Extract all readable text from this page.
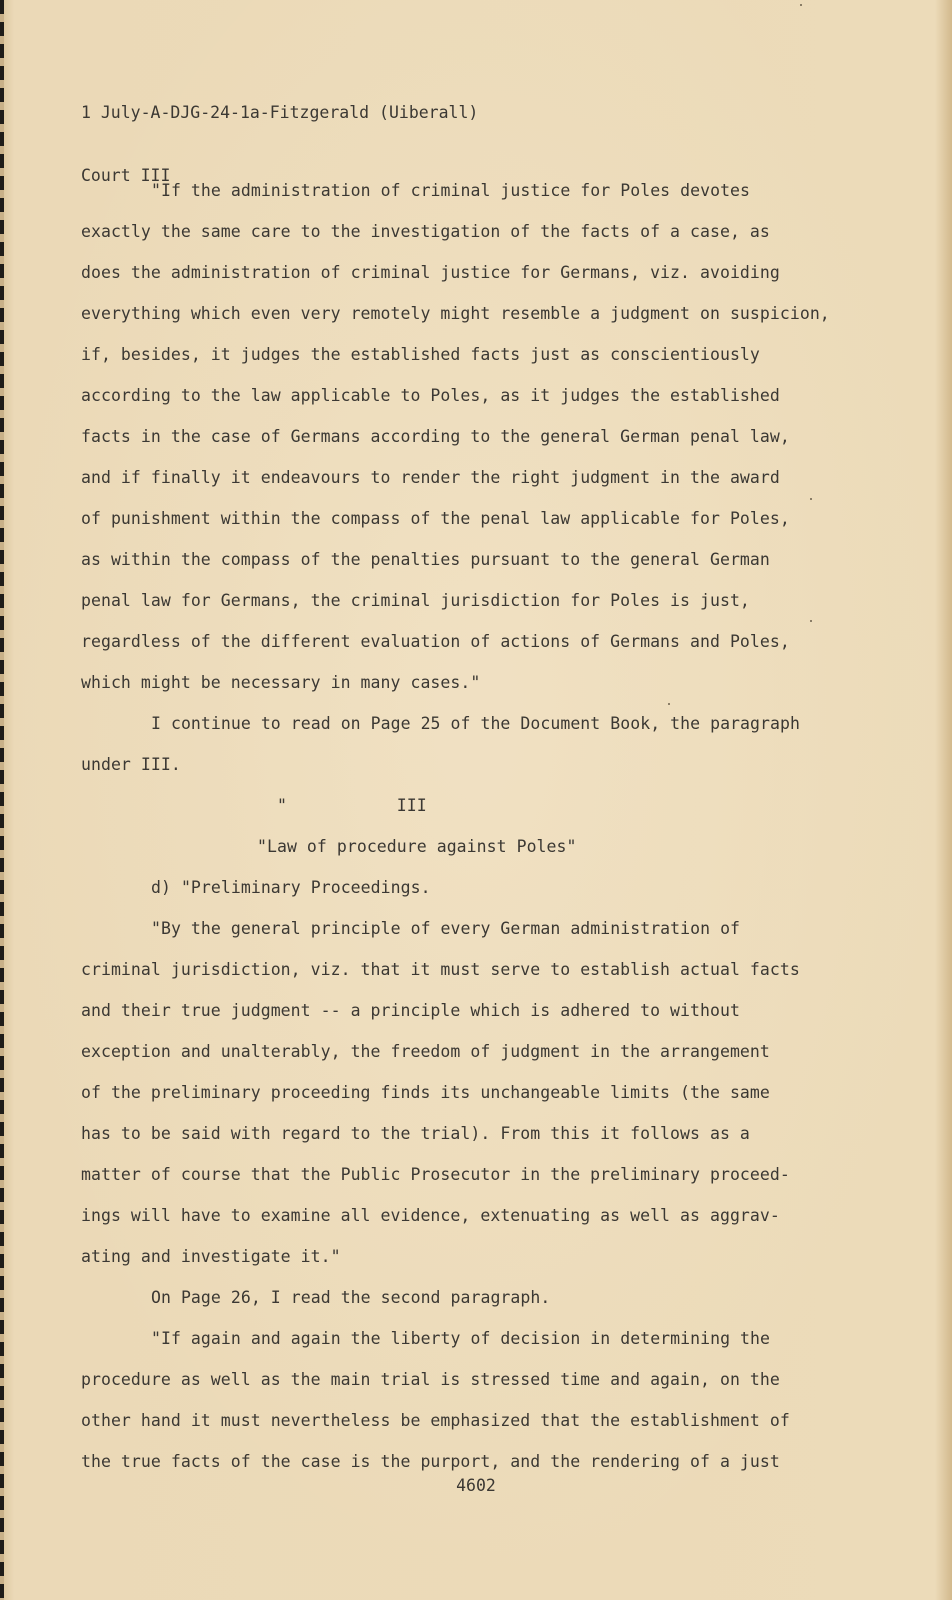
1 July-A-DJG-24-1a-Fitzgerald (Uiberall)

Court III

"If the administration of criminal justice for Poles devotes
exactly the same care to the investigation of the facts of a case, as
does the administration of criminal justice for Germans, viz. avoiding
everything which even very remotely might resemble a judgment on suspicion,
if, besides, it judges the established facts just as conscientiously
according to the law applicable to Poles, as it judges the established
facts in the case of Germans according to the general German penal law,
and if finally it endeavours to render the right judgment in the award
of punishment within the compass of the penal law applicable for Poles,
as within the compass of the penalties pursuant to the general German
penal law for Germans, the criminal jurisdiction for Poles is just,
regardless of the different evaluation of actions of Germans and Poles,
which might be necessary in many cases."
I continue to read on Page 25 of the Document Book, the paragraph
under III.
"           III
"Law of procedure against Poles"
d) "Preliminary Proceedings.
"By the general principle of every German administration of
criminal jurisdiction, viz. that it must serve to establish actual facts
and their true judgment -- a principle which is adhered to without
exception and unalterably, the freedom of judgment in the arrangement
of the preliminary proceeding finds its unchangeable limits (the same
has to be said with regard to the trial). From this it follows as a
matter of course that the Public Prosecutor in the preliminary proceed-
ings will have to examine all evidence, extenuating as well as aggrav-
ating and investigate it."
On Page 26, I read the second paragraph.
"If again and again the liberty of decision in determining the
procedure as well as the main trial is stressed time and again, on the
other hand it must nevertheless be emphasized that the establishment of
the true facts of the case is the purport, and the rendering of a just
4602
